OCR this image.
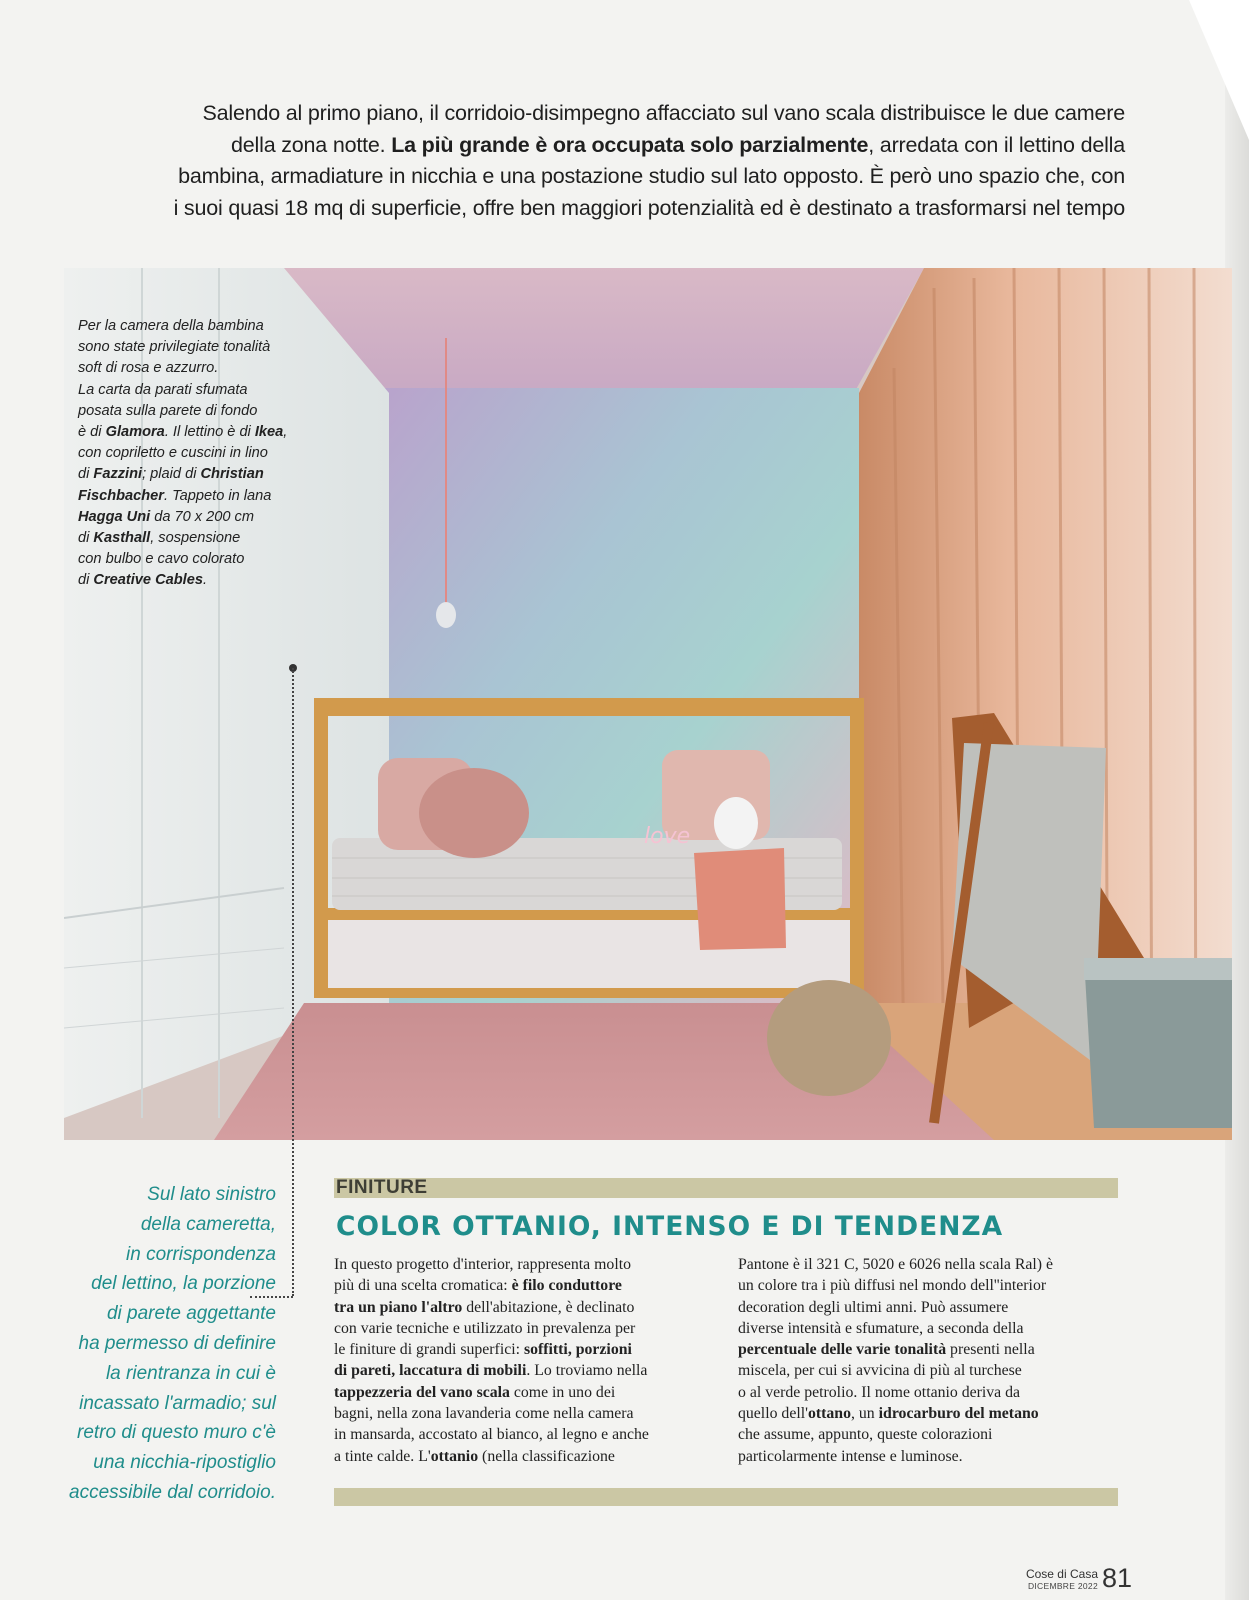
Salendo al primo piano, il corridoio-disimpegno affacciato sul vano scala distribuisce le due camere
della zona notte. La più grande è ora occupata solo parzialmente, arredata con il lettino della
bambina, armadiature in nicchia e una postazione studio sul lato opposto. È però uno spazio che, con
i suoi quasi 18 mq di superficie, offre ben maggiori potenzialità ed è destinato a trasformarsi nel tempo
love
Per la camera della bambina
sono state privilegiate tonalità
soft di rosa e azzurro.
La carta da parati sfumata
posata sulla parete di fondo
è di Glamora. Il lettino è di Ikea,
con copriletto e cuscini in lino
di Fazzini; plaid di Christian
Fischbacher. Tappeto in lana
Hagga Uni da 70 x 200 cm
di Kasthall, sospensione
con bulbo e cavo colorato
di Creative Cables.
Sul lato sinistro
della cameretta,
in corrispondenza
del lettino, la porzione
di parete aggettante
ha permesso di definire
la rientranza in cui è
incassato l'armadio; sul
retro di questo muro c'è
una nicchia-ripostiglio
accessibile dal corridoio.
FINITURE
COLOR OTTANIO, INTENSO E DI TENDENZA
In questo progetto d'interior, rappresenta molto
più di una scelta cromatica: è filo conduttore
tra un piano l'altro dell'abitazione, è declinato
con varie tecniche e utilizzato in prevalenza per
le finiture di grandi superfici: soffitti, porzioni
di pareti, laccatura di mobili. Lo troviamo nella
tappezzeria del vano scala come in uno dei
bagni, nella zona lavanderia come nella camera
in mansarda, accostato al bianco, al legno e anche
a tinte calde. L'ottanio (nella classificazione
Pantone è il 321 C, 5020 e 6026 nella scala Ral) è
un colore tra i più diffusi nel mondo dell''interior
decoration degli ultimi anni. Può assumere
diverse intensità e sfumature, a seconda della
percentuale delle varie tonalità presenti nella
miscela, per cui si avvicina di più al turchese
o al verde petrolio. Il nome ottanio deriva da
quello dell'ottano, un idrocarburo del metano
che assume, appunto, queste colorazioni
particolarmente intense e luminose.
Cose di Casa
DICEMBRE 2022 81
